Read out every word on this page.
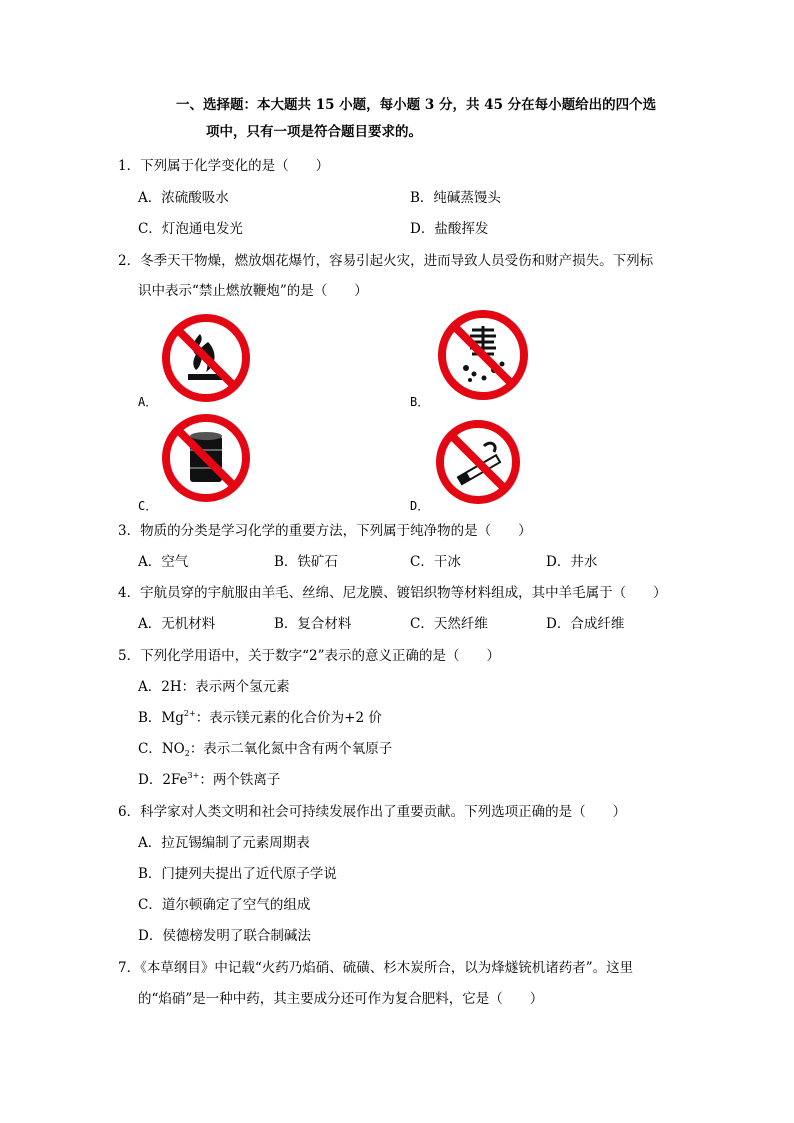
一、选择题：本大题共 15 小题，每小题 3 分，共 45 分在每小题给出的四个选
项中，只有一项是符合题目要求的。
1．下列属于化学变化的是（　　）
A．浓硫酸吸水	B．纯碱蒸馒头
C．灯泡通电发光	D．盐酸挥发
2．冬季天干物燥，燃放烟花爆竹，容易引起火灾，进而导致人员受伤和财产损失。下列标
识中表示“禁止燃放鞭炮”的是（　　）
A．	B．
C．	D．
3．物质的分类是学习化学的重要方法，下列属于纯净物的是（　　）
A．空气	B．铁矿石	C．干冰	D．井水
4．宇航员穿的宇航服由羊毛、丝绵、尼龙膜、镀铝织物等材料组成，其中羊毛属于（　　）
A．无机材料	B．复合材料	C．天然纤维	D．合成纤维
5．下列化学用语中，关于数字“2”表示的意义正确的是（　　）
A．2H：表示两个氢元素
B．$Mg^{2+}$：表示镁元素的化合价为+2 价
C．$NO_2$：表示二氧化氮中含有两个氧原子
D．$2Fe^{3+}$：两个铁离子
6．科学家对人类文明和社会可持续发展作出了重要贡献。下列选项正确的是（　　）
A．拉瓦锡编制了元素周期表
B．门捷列夫提出了近代原子学说
C．道尔顿确定了空气的组成
D．侯德榜发明了联合制碱法
7．《本草纲目》中记载“火药乃焰硝、硫磺、杉木炭所合，以为烽燧铳机诸药者”。这里
的“焰硝”是一种中药，其主要成分还可作为复合肥料，它是（　　）
